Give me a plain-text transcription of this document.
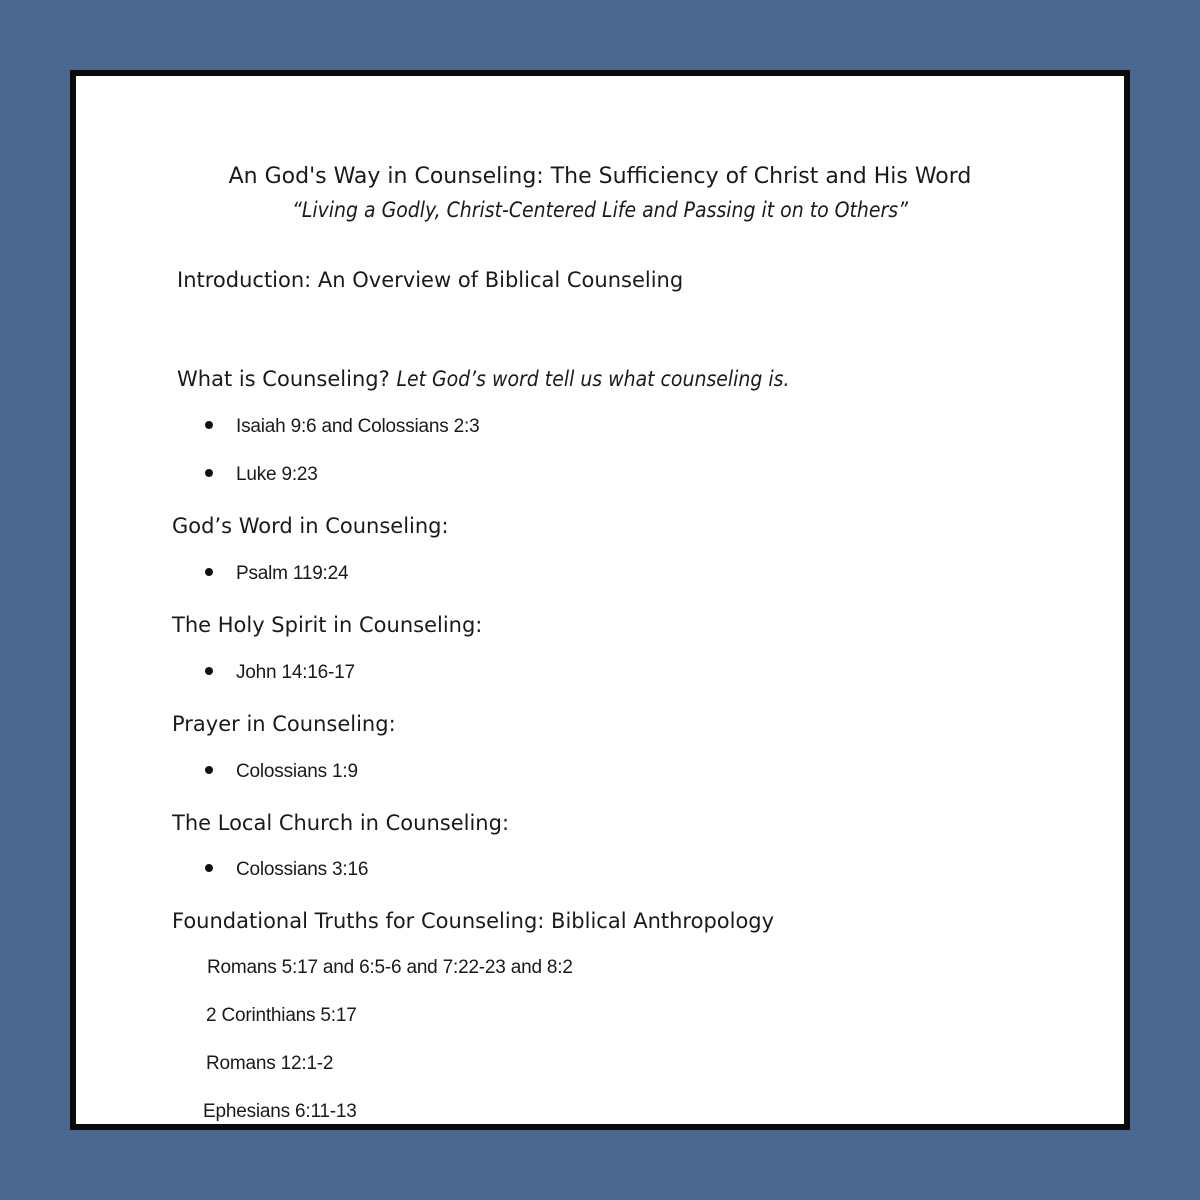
An God's Way in Counseling: The Sufficiency of Christ and His Word
“Living a Godly, Christ-Centered Life and Passing it on to Others”
Introduction: An Overview of Biblical Counseling
What is Counseling? Let God’s word tell us what counseling is.
Isaiah 9:6 and Colossians 2:3
Luke 9:23
God’s Word in Counseling:
Psalm 119:24
The Holy Spirit in Counseling:
John 14:16-17
Prayer in Counseling:
Colossians 1:9
The Local Church in Counseling:
Colossians 3:16
Foundational Truths for Counseling: Biblical Anthropology
Romans 5:17 and 6:5-6 and 7:22-23 and 8:2
2 Corinthians 5:17
Romans 12:1-2
Ephesians 6:11-13
